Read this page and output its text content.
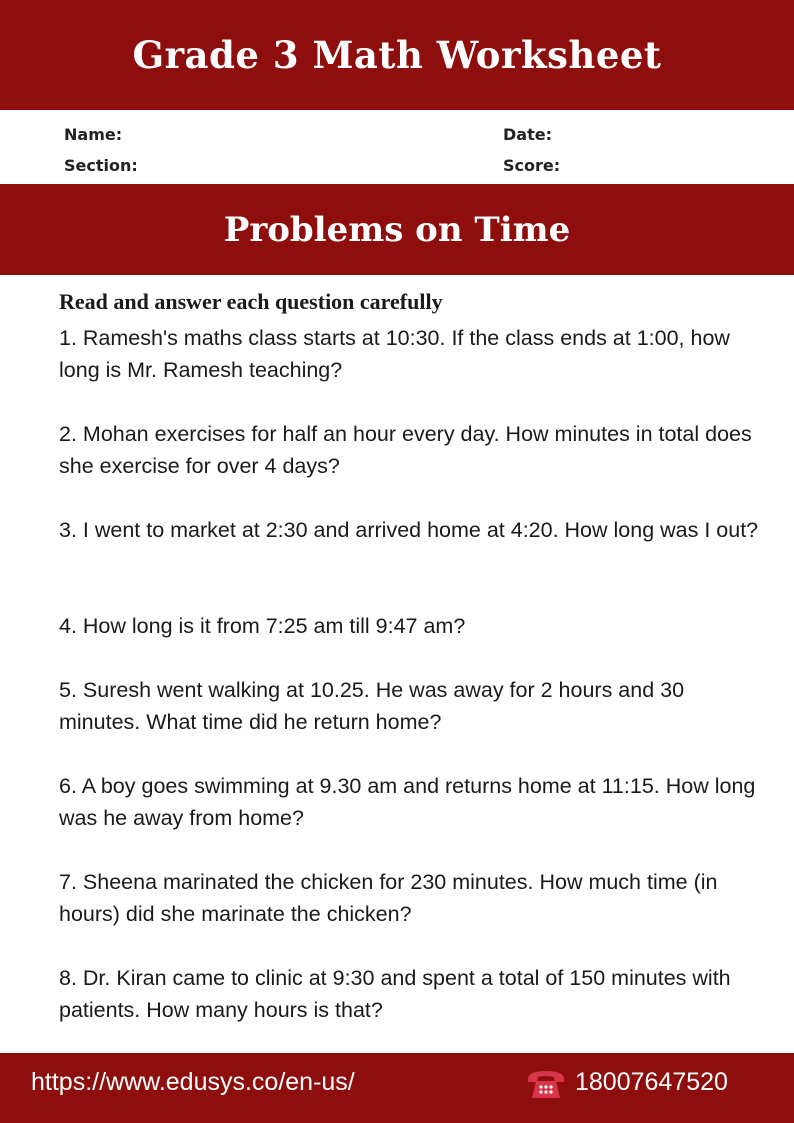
Grade 3 Math Worksheet
Name:	Date:
Section:	Score:
Problems on Time

Read and answer each question carefully

1. Ramesh's maths class starts at 10:30. If the class ends at 1:00, how long is Mr. Ramesh teaching?

2. Mohan exercises for half an hour every day. How minutes in total does she exercise for over 4 days?

3. I went to market at 2:30 and arrived home at 4:20. How long was I out?

4. How long is it from 7:25 am till 9:47 am?

5. Suresh went walking at 10.25. He was away for 2 hours and 30 minutes. What time did he return home?

6. A boy goes swimming at 9.30 am and returns home at 11:15. How long was he away from home?

7. Sheena marinated the chicken for 230 minutes. How much time (in hours) did she marinate the chicken?

8. Dr. Kiran came to clinic at 9:30 and spent a total of 150 minutes with patients. How many hours is that?

https://www.edusys.co/en-us/	18007647520
